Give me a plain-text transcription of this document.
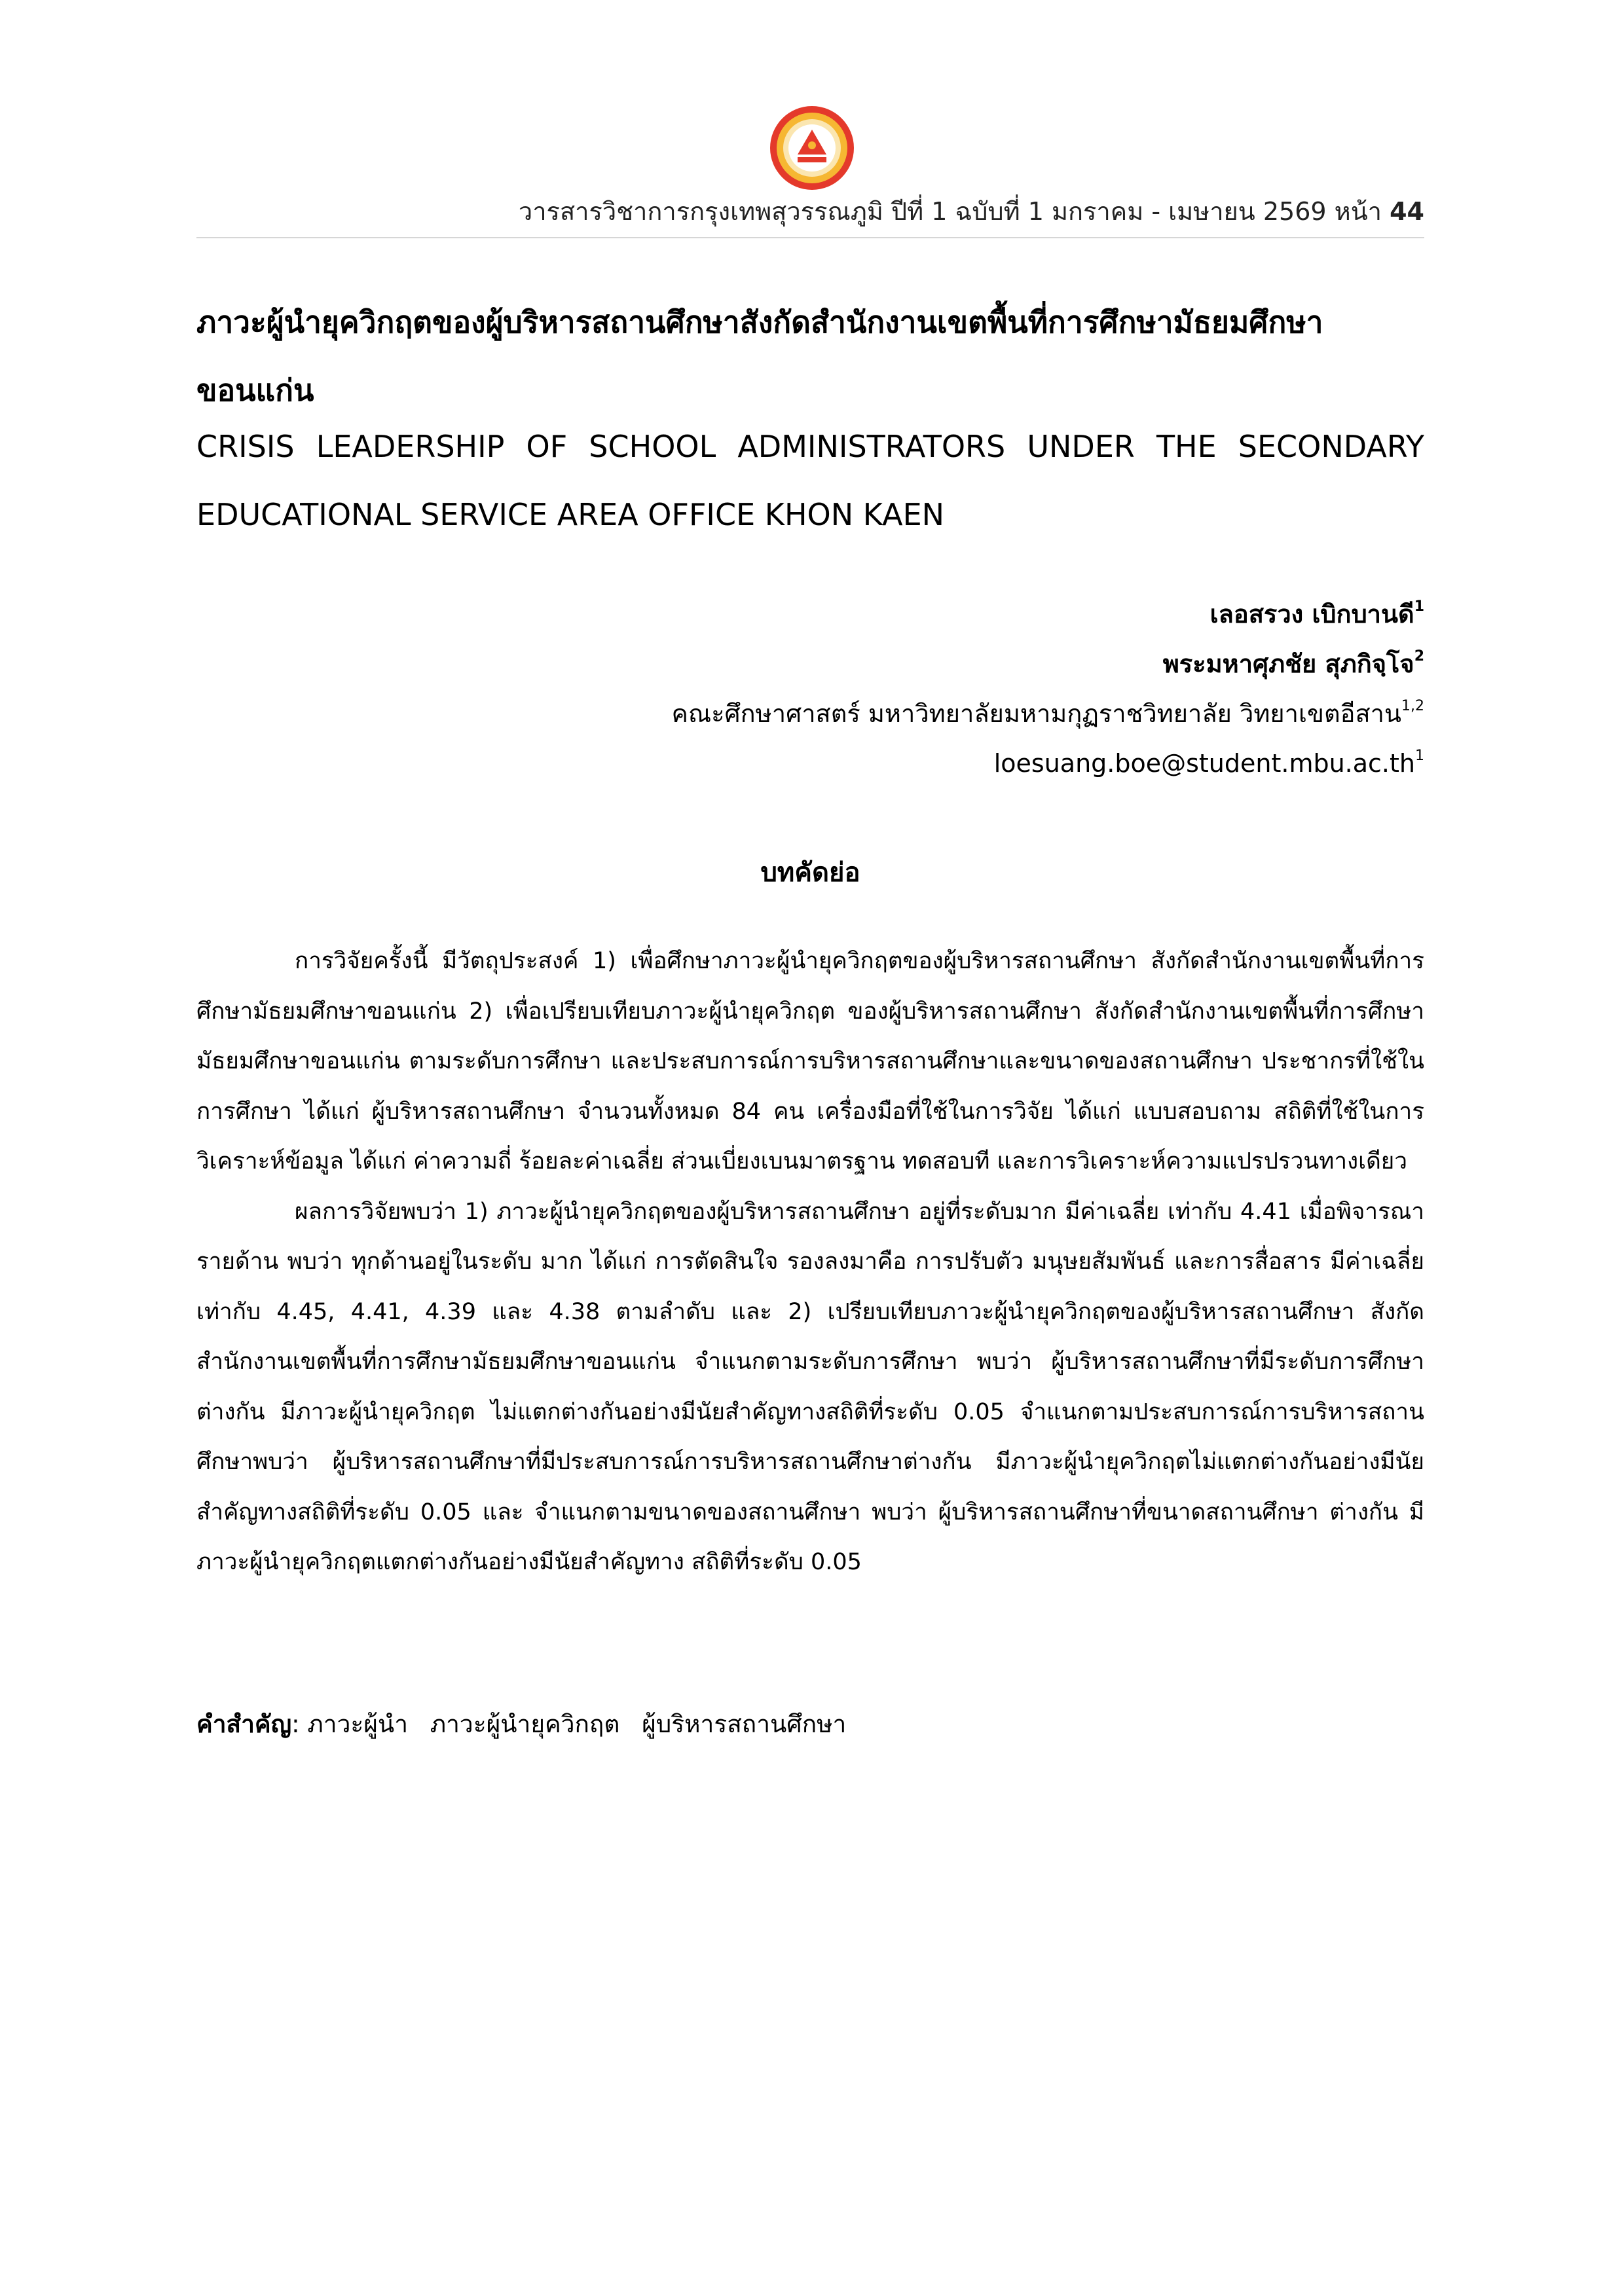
วารสารวิชาการกรุงเทพสุวรรณภูมิ ปีที่ 1 ฉบับที่ 1 มกราคม - เมษายน 2569 หน้า 44
ภาวะผู้นำยุควิกฤตของผู้บริหารสถานศึกษาสังกัดสำนักงานเขตพื้นที่การศึกษามัธยมศึกษา
ขอนแก่น
CRISIS LEADERSHIP OF SCHOOL ADMINISTRATORS UNDER THE SECONDARY
EDUCATIONAL SERVICE AREA OFFICE KHON KAEN
เลอสรวง เบิกบานดี$^1$
พระมหาศุภชัย สุภกิจฺโจ$^2$
คณะศึกษาศาสตร์ มหาวิทยาลัยมหามกุฏราชวิทยาลัย วิทยาเขตอีสาน$^{1,2}$
$loesuang.boe@student.mbu.ac.th^1$
บทคัดย่อ

การวิจัยครั้งนี้ มีวัตถุประสงค์ 1) เพื่อศึกษาภาวะผู้นำยุควิกฤตของผู้บริหารสถานศึกษา สังกัดสำนักงานเขตพื้นที่การศึกษามัธยมศึกษาขอนแก่น 2) เพื่อเปรียบเทียบภาวะผู้นำยุควิกฤต ของผู้บริหารสถานศึกษา สังกัดสำนักงานเขตพื้นที่การศึกษามัธยมศึกษาขอนแก่น ตามระดับการศึกษา และประสบการณ์การบริหารสถานศึกษาและขนาดของสถานศึกษา ประชากรที่ใช้ในการศึกษา ได้แก่ ผู้บริหารสถานศึกษา จำนวนทั้งหมด 84 คน เครื่องมือที่ใช้ในการวิจัย ได้แก่ แบบสอบถาม สถิติที่ใช้ในการวิเคราะห์ข้อมูล ได้แก่ ค่าความถี่ ร้อยละค่าเฉลี่ย ส่วนเบี่ยงเบนมาตรฐาน ทดสอบที และการวิเคราะห์ความแปรปรวนทางเดียว

ผลการวิจัยพบว่า 1) ภาวะผู้นำยุควิกฤตของผู้บริหารสถานศึกษา อยู่ที่ระดับมาก มีค่าเฉลี่ย เท่ากับ 4.41 เมื่อพิจารณารายด้าน พบว่า ทุกด้านอยู่ในระดับ มาก ได้แก่ การตัดสินใจ รองลงมาคือ การปรับตัว มนุษยสัมพันธ์ และการสื่อสาร มีค่าเฉลี่ยเท่ากับ 4.45, 4.41, 4.39 และ 4.38 ตามลำดับ และ 2) เปรียบเทียบภาวะผู้นำยุควิกฤตของผู้บริหารสถานศึกษา สังกัดสำนักงานเขตพื้นที่การศึกษามัธยมศึกษาขอนแก่น จำแนกตามระดับการศึกษา พบว่า ผู้บริหารสถานศึกษาที่มีระดับการศึกษา ต่างกัน มีภาวะผู้นำยุควิกฤต ไม่แตกต่างกันอย่างมีนัยสำคัญทางสถิติที่ระดับ 0.05 จำแนกตามประสบการณ์การบริหารสถานศึกษาพบว่า ผู้บริหารสถานศึกษาที่มีประสบการณ์การบริหารสถานศึกษาต่างกัน มีภาวะผู้นำยุควิกฤตไม่แตกต่างกันอย่างมีนัยสำคัญทางสถิติที่ระดับ 0.05 และ จำแนกตามขนาดของสถานศึกษา พบว่า ผู้บริหารสถานศึกษาที่ขนาดสถานศึกษา ต่างกัน มีภาวะผู้นำยุควิกฤตแตกต่างกันอย่างมีนัยสำคัญทาง สถิติที่ระดับ 0.05

คำสำคัญ: ภาวะผู้นำ ภาวะผู้นำยุควิกฤต ผู้บริหารสถานศึกษา
